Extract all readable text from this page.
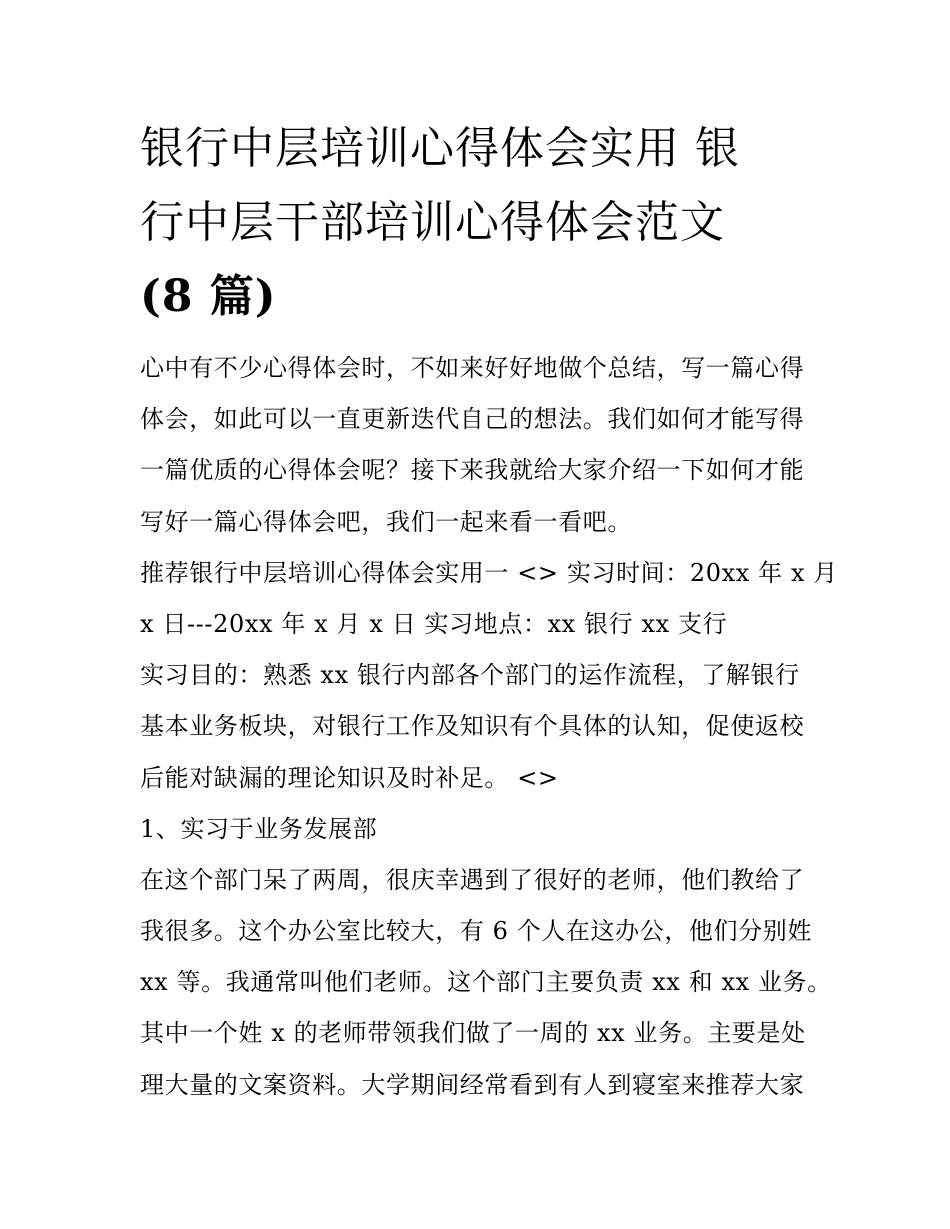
银行中层培训心得体会实用 银
行中层干部培训心得体会范文
(8 篇)
心中有不少心得体会时，不如来好好地做个总结，写一篇心得
体会，如此可以一直更新迭代自己的想法。我们如何才能写得
一篇优质的心得体会呢？接下来我就给大家介绍一下如何才能
写好一篇心得体会吧，我们一起来看一看吧。
推荐银行中层培训心得体会实用一 <> 实习时间：20xx 年 x 月
x 日---20xx 年 x 月 x 日 实习地点：xx 银行 xx 支行
实习目的：熟悉 xx 银行内部各个部门的运作流程，了解银行
基本业务板块，对银行工作及知识有个具体的认知，促使返校
后能对缺漏的理论知识及时补足。 <>
1、实习于业务发展部
在这个部门呆了两周，很庆幸遇到了很好的老师，他们教给了
我很多。这个办公室比较大，有 6 个人在这办公，他们分别姓
xx 等。我通常叫他们老师。这个部门主要负责 xx 和 xx 业务。
其中一个姓 x 的老师带领我们做了一周的 xx 业务。主要是处
理大量的文案资料。大学期间经常看到有人到寝室来推荐大家
